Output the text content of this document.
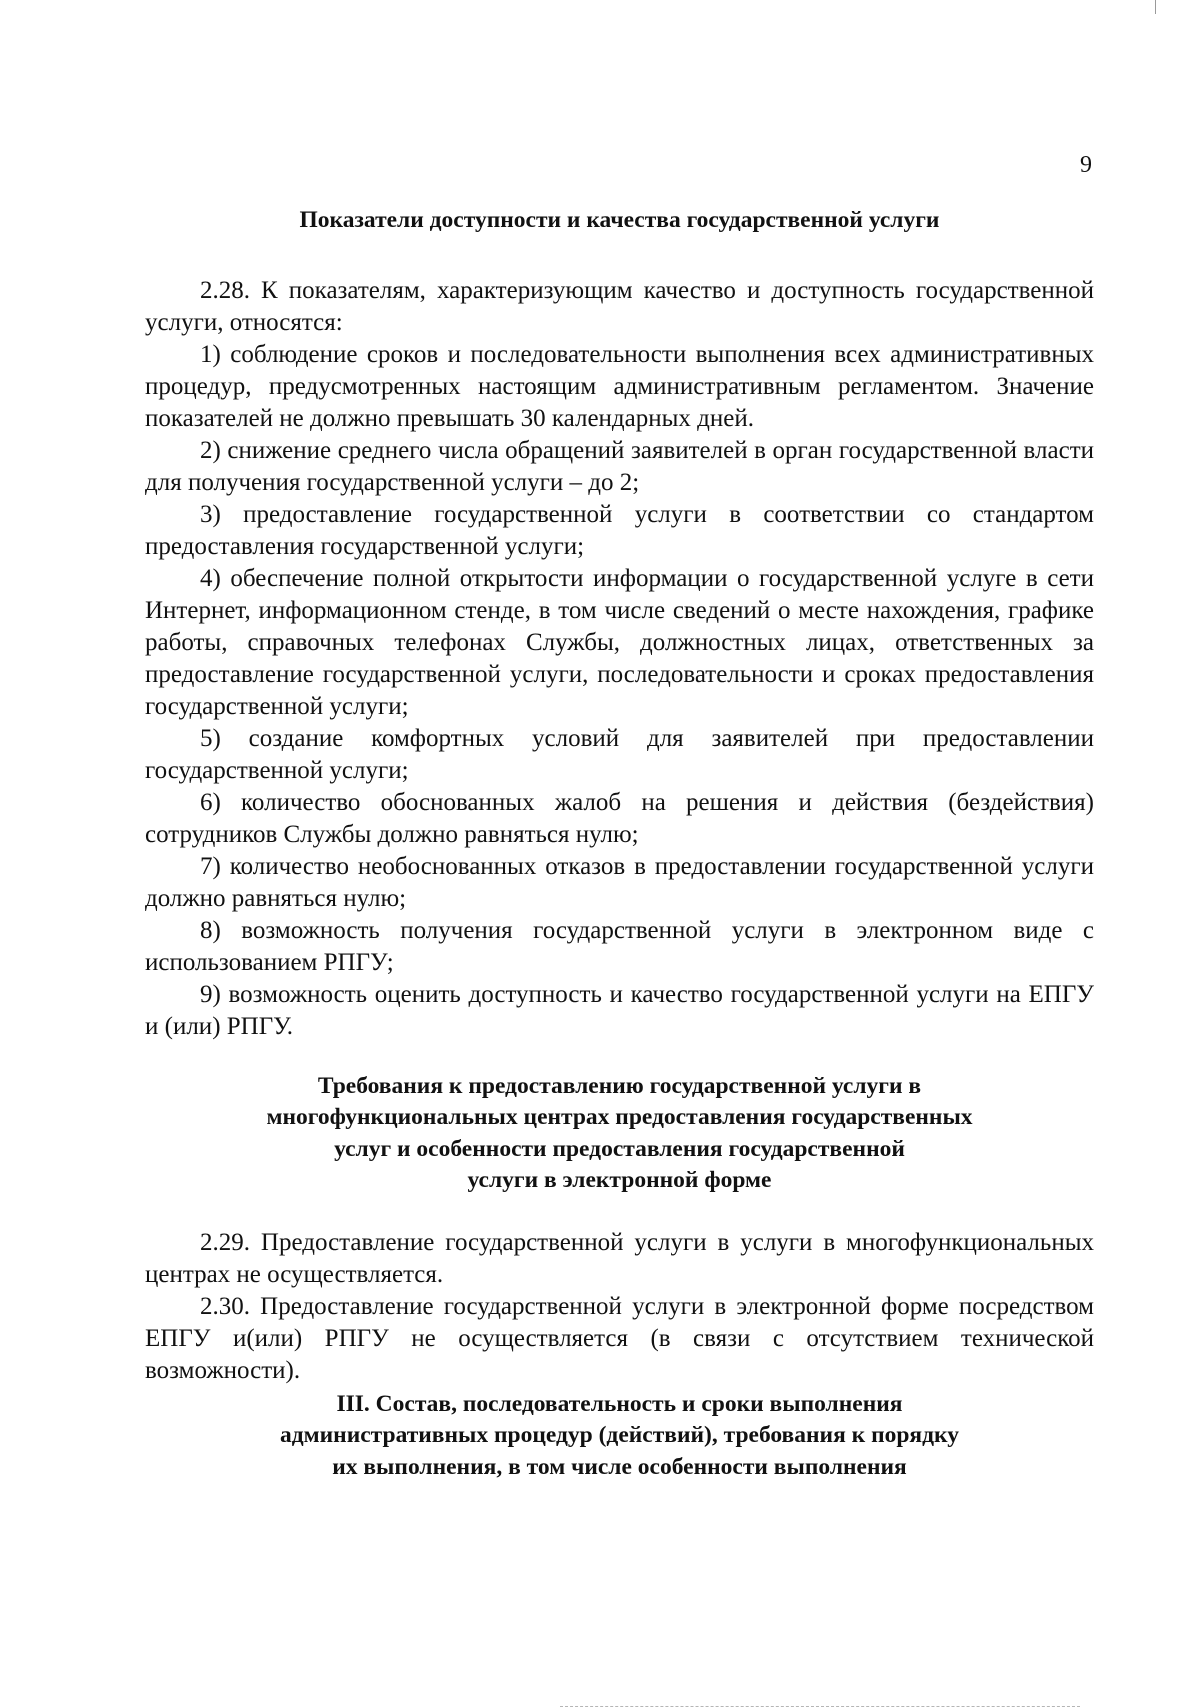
9
Показатели доступности и качества государственной услуги

2.28. К показателям, характеризующим качество и доступность государственной услуги, относятся:

1) соблюдение сроков и последовательности выполнения всех административных процедур, предусмотренных настоящим административным регламентом. Значение показателей не должно превышать 30 календарных дней.

2) снижение среднего числа обращений заявителей в орган государственной власти для получения государственной услуги – до 2;

3) предоставление государственной услуги в соответствии со стандартом предоставления государственной услуги;

4) обеспечение полной открытости информации о государственной услуге в сети Интернет, информационном стенде, в том числе сведений о месте нахождения, графике работы, справочных телефонах Службы, должностных лицах, ответственных за предоставление государственной услуги, последовательности и сроках предоставления государственной услуги;

5) создание комфортных условий для заявителей при предоставлении государственной услуги;

6) количество обоснованных жалоб на решения и действия (бездействия) сотрудников Службы должно равняться нулю;

7) количество необоснованных отказов в предоставлении государственной услуги должно равняться нулю;

8) возможность получения государственной услуги в электронном виде с использованием РПГУ;

9) возможность оценить доступность и качество государственной услуги на ЕПГУ и (или) РПГУ.

Требования к предоставлению государственной услуги в
многофункциональных центрах предоставления государственных
услуг и особенности предоставления государственной
услуги в электронной форме

2.29. Предоставление государственной услуги в услуги в многофункциональных центрах не осуществляется.

2.30. Предоставление государственной услуги в электронной форме посредством ЕПГУ и(или) РПГУ не осуществляется (в связи с отсутствием технической возможности).

III. Состав, последовательность и сроки выполнения
административных процедур (действий), требования к порядку
их выполнения, в том числе особенности выполнения
